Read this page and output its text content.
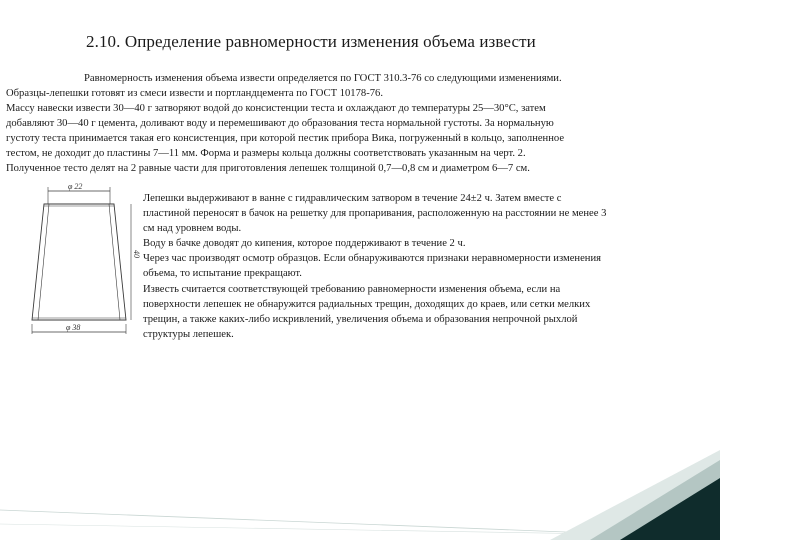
2.10. Определение равномерности изменения объема извести
Равномерность изменения объема извести определяется по ГОСТ 310.3-76 со следующими изменениями.
Образцы-лепешки готовят из смеси извести и портландцемента по ГОСТ 10178-76.
Массу навески извести 30—40 г затворяют водой до консистенции теста и охлаждают до температуры 25—30°С, затем
добавляют 30—40 г цемента, доливают воду и перемешивают до образования теста нормальной густоты. За нормальную
густоту теста принимается такая его консистенция, при которой пестик прибора Вика, погруженный в кольцо, заполненное
тестом, не доходит до пластины 7—11 мм. Форма и размеры кольца должны соответствовать указанным на черт. 2.
Полученное тесто делят на 2 равные части для приготовления лепешек толщиной 0,7—0,8 см и диаметром 6—7 см.
φ 22
40
φ 38
Лепешки выдерживают в ванне с гидравлическим затвором в течение 24±2 ч. Затем вместе с
пластиной переносят в бачок на решетку для пропаривания, расположенную на расстоянии не менее 3
см над уровнем воды.
Воду в бачке доводят до кипения, которое поддерживают в течение 2 ч.
Через час производят осмотр образцов. Если обнаруживаются признаки неравномерности изменения
объема, то испытание прекращают.
Известь считается соответствующей требованию равномерности изменения объема, если на
поверхности лепешек не обнаружится радиальных трещин, доходящих до краев, или сетки мелких
трещин, а также каких-либо искривлений, увеличения объема и образования непрочной рыхлой
структуры лепешек.
